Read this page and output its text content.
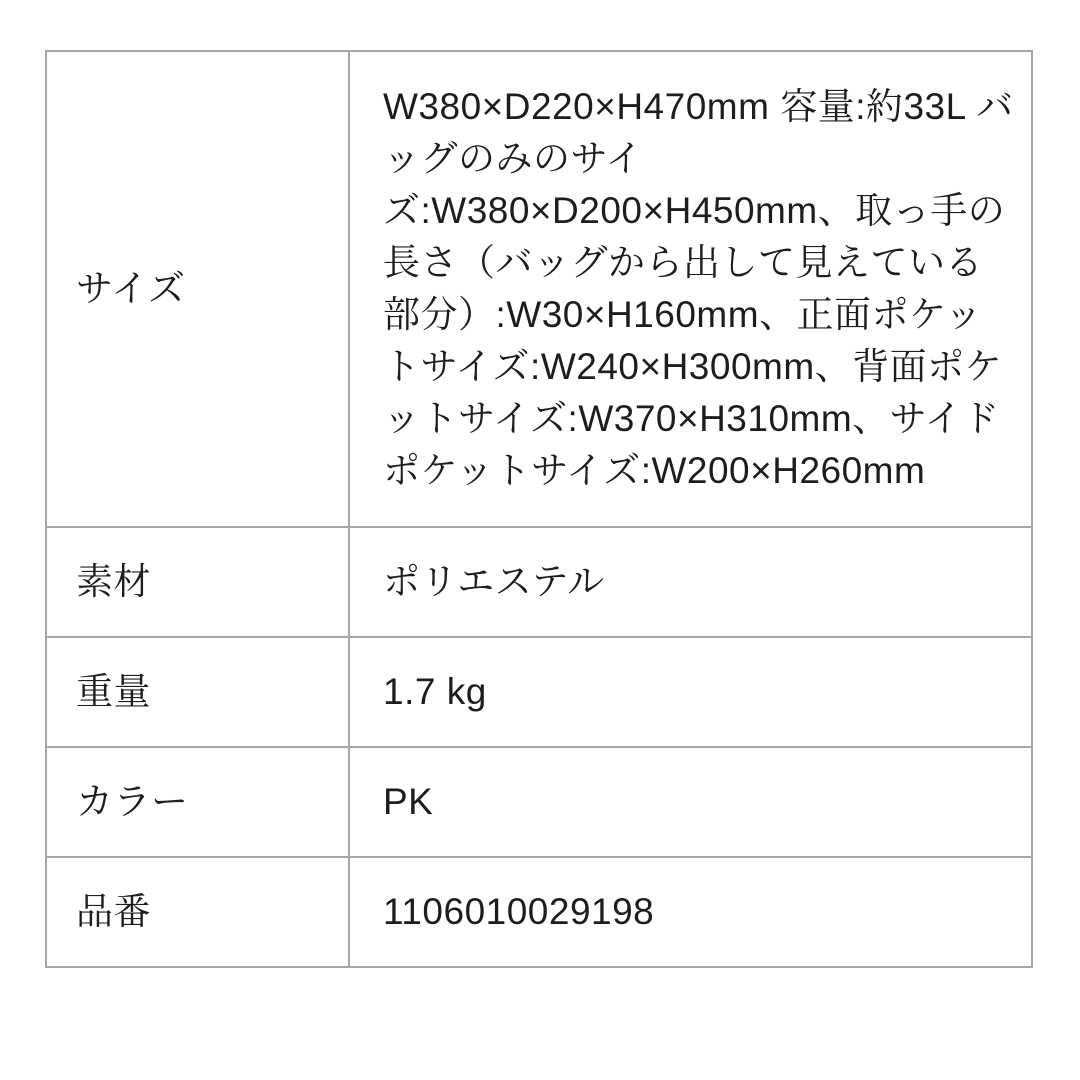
サイズ	W380×D220×H470mm 容量:約33L バッグのみのサイズ:W380×D200×H450mm、取っ手の長さ（バッグから出して見えている部分）:W30×H160mm、正面ポケットサイズ:W240×H300mm、背面ポケットサイズ:W370×H310mm、サイドポケットサイズ:W200×H260mm
素材	ポリエステル
重量	1.7 kg
カラー	PK
品番	1106010029198
